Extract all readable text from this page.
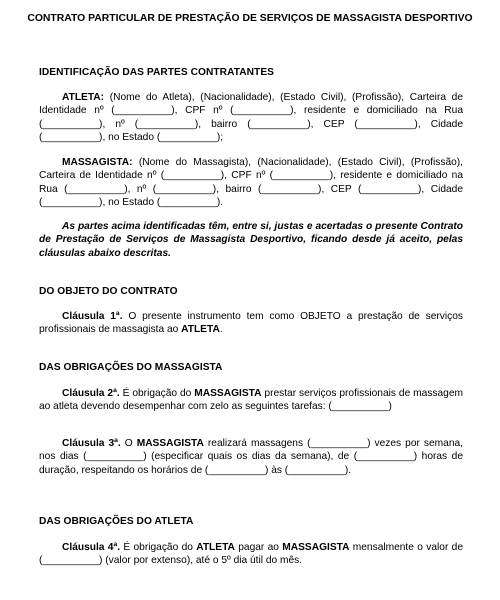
CONTRATO PARTICULAR DE PRESTAÇÃO DE SERVIÇOS DE MASSAGISTA DESPORTIVO
IDENTIFICAÇÃO DAS PARTES CONTRATANTES
ATLETA: (Nome do Atleta), (Nacionalidade), (Estado Civil), (Profissão), Carteira de Identidade nº (__________), CPF nº (__________), residente e domiciliado na Rua (__________), nº (__________), bairro (__________), CEP (__________), Cidade (__________), no Estado (__________);
MASSAGISTA: (Nome do Massagista), (Nacionalidade), (Estado Civil), (Profissão), Carteira de Identidade nº (__________), CPF nº (__________), residente e domiciliado na Rua (__________), nº (__________), bairro (__________), CEP (__________), Cidade (__________), no Estado (__________).
As partes acima identificadas têm, entre si, justas e acertadas o presente Contrato de Prestação de Serviços de Massagista Desportivo, ficando desde já aceito, pelas cláusulas abaixo descritas.
DO OBJETO DO CONTRATO
Cláusula 1ª. O presente instrumento tem como OBJETO a prestação de serviços profissionais de massagista ao ATLETA.
DAS OBRIGAÇÕES DO MASSAGISTA
Cláusula 2ª. É obrigação do MASSAGISTA prestar serviços profissionais de massagem ao atleta devendo desempenhar com zelo as seguintes tarefas: (__________)
Cláusula 3ª. O MASSAGISTA realizará massagens (__________) vezes por semana, nos dias (__________) (especificar quais os dias da semana), de (__________) horas de duração, respeitando os horários de (__________) às (__________).
DAS OBRIGAÇÕES DO ATLETA
Cláusula 4ª. É obrigação do ATLETA pagar ao MASSAGISTA mensalmente o valor de (__________) (valor por extenso), até o 5º dia útil do mês.
